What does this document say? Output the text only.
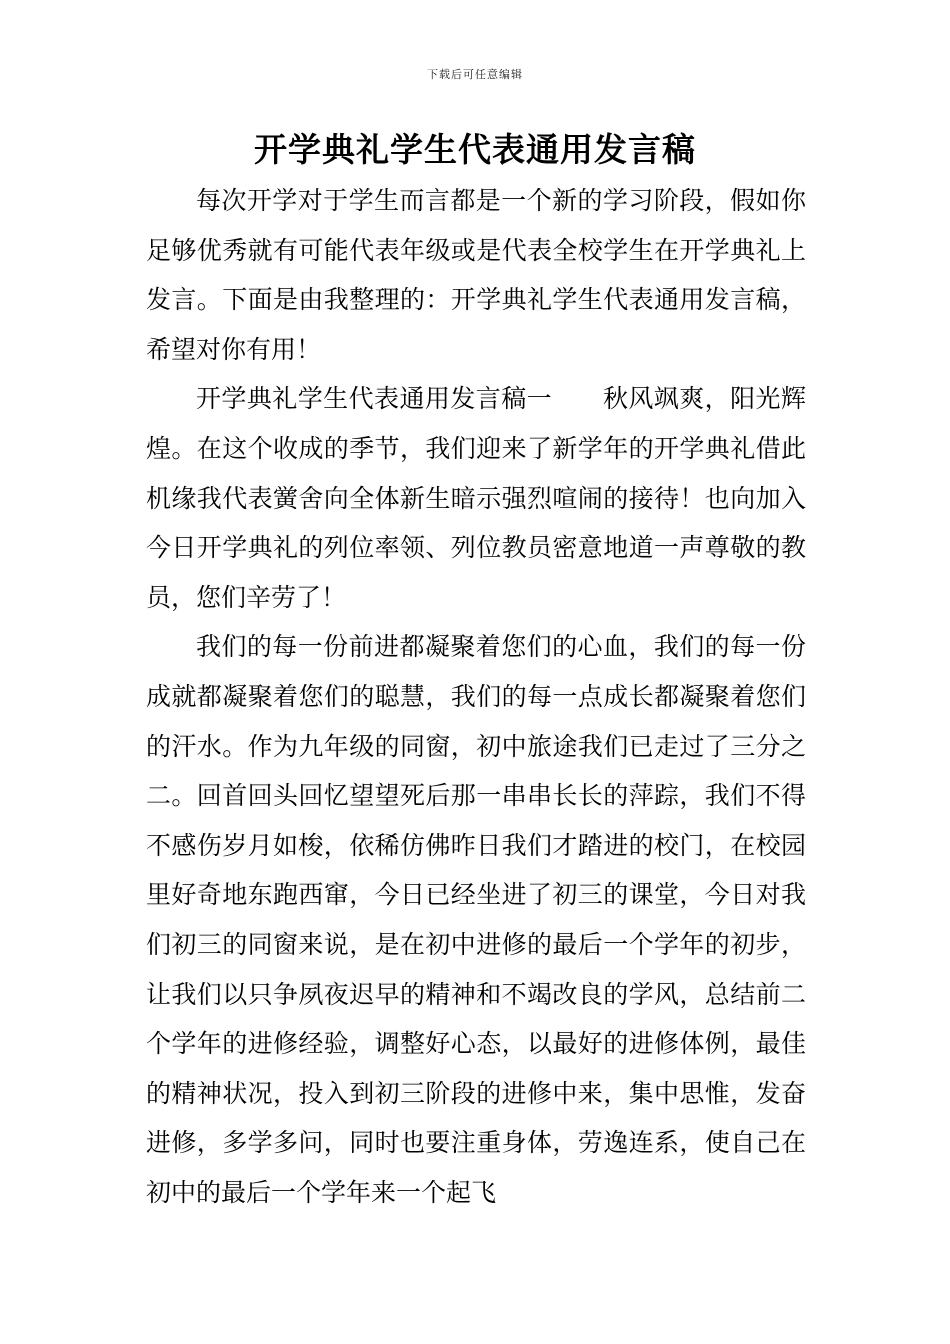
下载后可任意编辑
开学典礼学生代表通用发言稿

每次开学对于学生而言都是一个新的学习阶段，假如你足够优秀就有可能代表年级或是代表全校学生在开学典礼上发言。下面是由我整理的：开学典礼学生代表通用发言稿，希望对你有用！

开学典礼学生代表通用发言稿一　　秋风飒爽，阳光辉煌。在这个收成的季节，我们迎来了新学年的开学典礼借此机缘我代表黉舍向全体新生暗示强烈喧闹的接待！也向加入今日开学典礼的列位率领、列位教员密意地道一声尊敬的教员，您们辛劳了！

我们的每一份前进都凝聚着您们的心血，我们的每一份成就都凝聚着您们的聪慧，我们的每一点成长都凝聚着您们的汗水。作为九年级的同窗，初中旅途我们已走过了三分之二。回首回头回忆望望死后那一串串长长的萍踪，我们不得不感伤岁月如梭，依稀仿佛昨日我们才踏进的校门，在校园里好奇地东跑西窜，今日已经坐进了初三的课堂，今日对我们初三的同窗来说，是在初中进修的最后一个学年的初步，让我们以只争夙夜迟早的精神和不竭改良的学风，总结前二个学年的进修经验，调整好心态，以最好的进修体例，最佳的精神状况，投入到初三阶段的进修中来，集中思惟，发奋进修，多学多问，同时也要注重身体，劳逸连系，使自己在初中的最后一个学年来一个起飞
